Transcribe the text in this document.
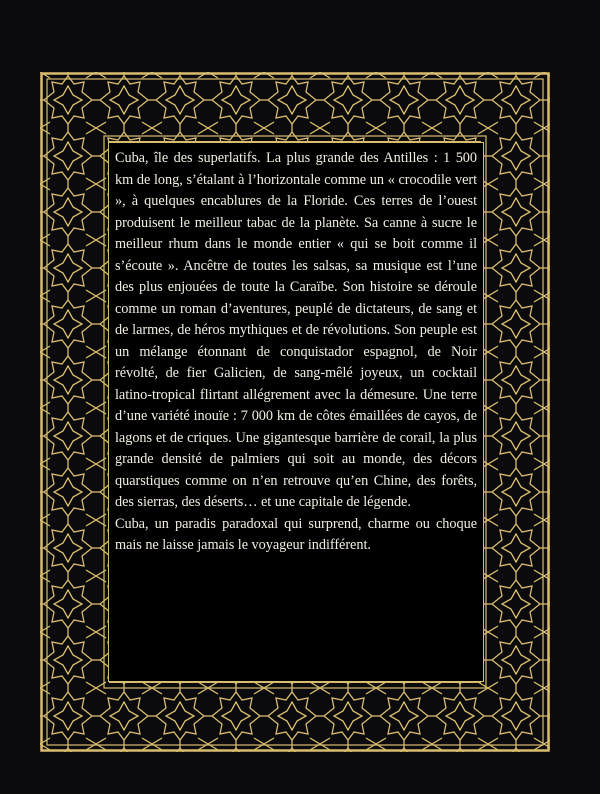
Cuba, île des superlatifs. La plus grande des Antilles : 1 500 km de long, s’étalant à l’horizontale comme un « crocodile vert », à quelques encablures de la Floride. Ces terres de l’ouest produisent le meilleur tabac de la planète. Sa canne à sucre le meilleur rhum dans le monde entier « qui se boit comme il s’écoute ». Ancêtre de toutes les salsas, sa musique est l’une des plus enjouées de toute la Caraïbe. Son histoire se déroule comme un roman d’aventures, peuplé de dictateurs, de sang et de larmes, de héros mythiques et de révolutions. Son peuple est un mélange étonnant de conquistador espagnol, de Noir révolté, de fier Galicien, de sang-mêlé joyeux, un cocktail latino-tropical flirtant allégrement avec la démesure. Une terre d’une variété inouïe : 7 000 km de côtes émaillées de cayos, de lagons et de criques. Une gigantesque barrière de corail, la plus grande densité de palmiers qui soit au monde, des décors quarstiques comme on n’en retrouve qu’en Chine, des forêts, des sierras, des déserts… et une capitale de légende.

Cuba, un paradis paradoxal qui surprend, charme ou choque mais ne laisse jamais le voyageur indifférent.
